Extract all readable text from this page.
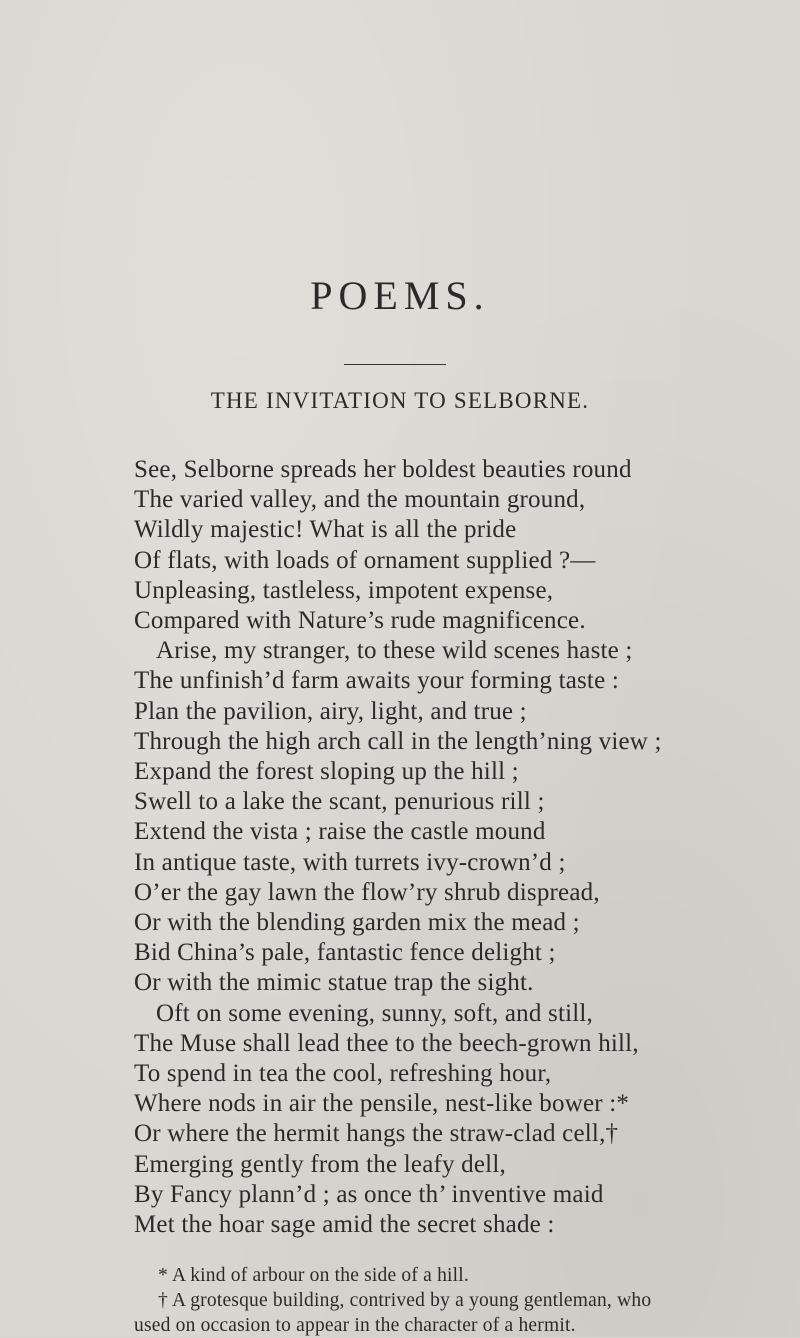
POEMS.
THE INVITATION TO SELBORNE.
See, Selborne spreads her boldest beauties round
The varied valley, and the mountain ground,
Wildly majestic! What is all the pride
Of flats, with loads of ornament supplied ?—
Unpleasing, tastleless, impotent expense,
Compared with Nature’s rude magnificence.
Arise, my stranger, to these wild scenes haste ;
The unfinish’d farm awaits your forming taste :
Plan the pavilion, airy, light, and true ;
Through the high arch call in the length’ning view ;
Expand the forest sloping up the hill ;
Swell to a lake the scant, penurious rill ;
Extend the vista ; raise the castle mound
In antique taste, with turrets ivy-crown’d ;
O’er the gay lawn the flow’ry shrub dispread,
Or with the blending garden mix the mead ;
Bid China’s pale, fantastic fence delight ;
Or with the mimic statue trap the sight.
Oft on some evening, sunny, soft, and still,
The Muse shall lead thee to the beech-grown hill,
To spend in tea the cool, refreshing hour,
Where nods in air the pensile, nest-like bower :*
Or where the hermit hangs the straw-clad cell,†
Emerging gently from the leafy dell,
By Fancy plann’d ; as once th’ inventive maid
Met the hoar sage amid the secret shade :
* A kind of arbour on the side of a hill.
† A grotesque building, contrived by a young gentleman, who
used on occasion to appear in the character of a hermit.
